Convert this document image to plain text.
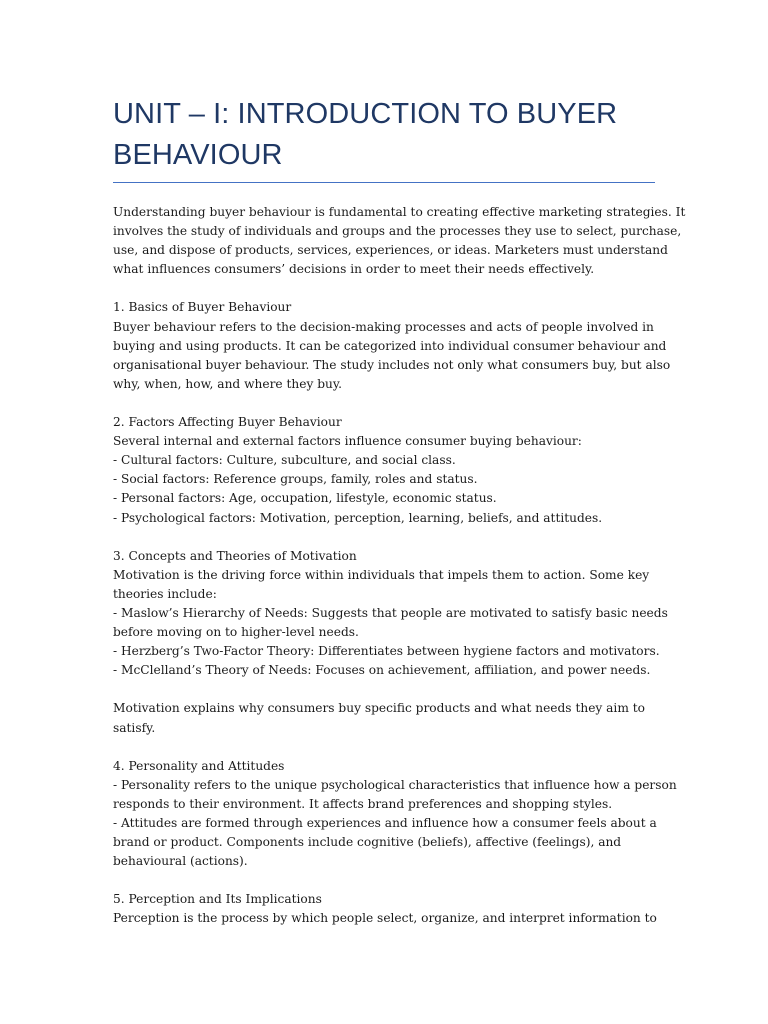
UNIT – I: INTRODUCTION TO BUYER
BEHAVIOUR

Understanding buyer behaviour is fundamental to creating effective marketing strategies. It
involves the study of individuals and groups and the processes they use to select, purchase,
use, and dispose of products, services, experiences, or ideas. Marketers must understand
what influences consumers’ decisions in order to meet their needs effectively.

1. Basics of Buyer Behaviour
Buyer behaviour refers to the decision-making processes and acts of people involved in
buying and using products. It can be categorized into individual consumer behaviour and
organisational buyer behaviour. The study includes not only what consumers buy, but also
why, when, how, and where they buy.
2. Factors Affecting Buyer Behaviour
Several internal and external factors influence consumer buying behaviour:
- Cultural factors: Culture, subculture, and social class.
- Social factors: Reference groups, family, roles and status.
- Personal factors: Age, occupation, lifestyle, economic status.
- Psychological factors: Motivation, perception, learning, beliefs, and attitudes.
3. Concepts and Theories of Motivation
Motivation is the driving force within individuals that impels them to action. Some key
theories include:
- Maslow’s Hierarchy of Needs: Suggests that people are motivated to satisfy basic needs
before moving on to higher-level needs.
- Herzberg’s Two-Factor Theory: Differentiates between hygiene factors and motivators.
- McClelland’s Theory of Needs: Focuses on achievement, affiliation, and power needs.

Motivation explains why consumers buy specific products and what needs they aim to
satisfy.

4. Personality and Attitudes
- Personality refers to the unique psychological characteristics that influence how a person
responds to their environment. It affects brand preferences and shopping styles.
- Attitudes are formed through experiences and influence how a consumer feels about a
brand or product. Components include cognitive (beliefs), affective (feelings), and
behavioural (actions).
5. Perception and Its Implications
Perception is the process by which people select, organize, and interpret information to
